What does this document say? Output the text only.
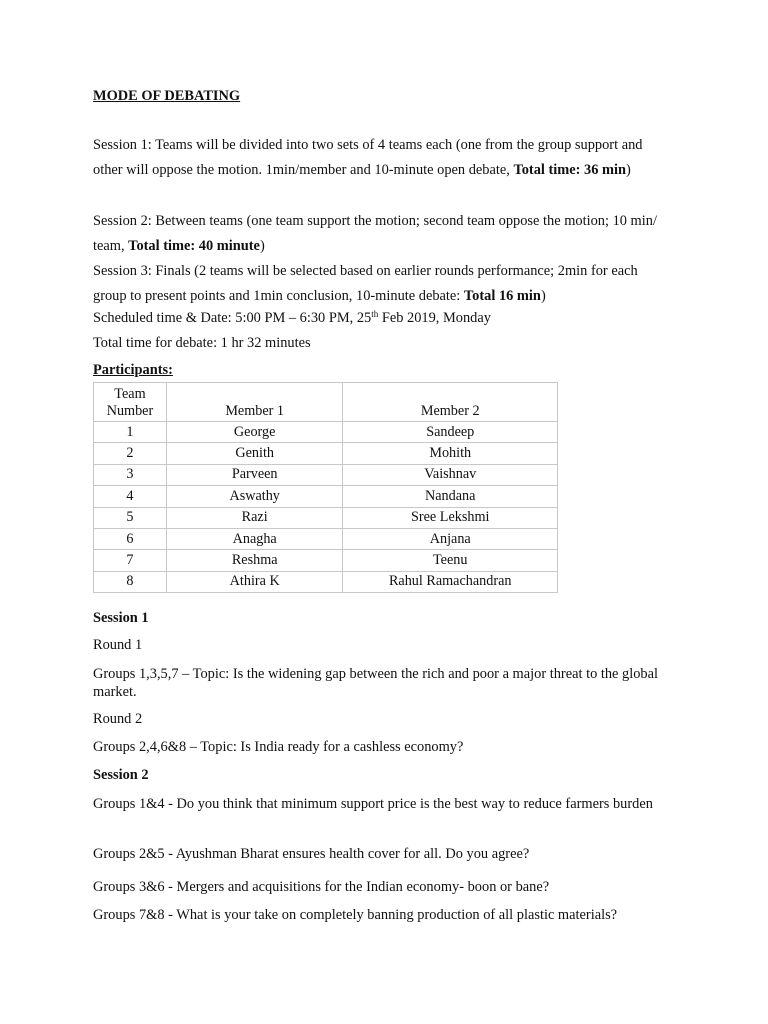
MODE OF DEBATING
Session 1: Teams will be divided into two sets of 4 teams each (one from the group support and other will oppose the motion. 1min/member and 10-minute open debate, Total time: 36 min)
Session 2: Between teams (one team support the motion; second team oppose the motion; 10 min/ team, Total time: 40 minute)
Session 3: Finals (2 teams will be selected based on earlier rounds performance; 2min for each group to present points and 1min conclusion, 10-minute debate: Total 16 min)
Scheduled time & Date: 5:00 PM – 6:30 PM, 25th Feb 2019, Monday
Total time for debate: 1 hr 32 minutes
Participants:
Team Number	Member 1	Member 2
1	George	Sandeep
2	Genith	Mohith
3	Parveen	Vaishnav
4	Aswathy	Nandana
5	Razi	Sree Lekshmi
6	Anagha	Anjana
7	Reshma	Teenu
8	Athira K	Rahul Ramachandran
Session 1
Round 1
Groups 1,3,5,7 – Topic: Is the widening gap between the rich and poor a major threat to the global market.
Round 2
Groups 2,4,6&8 – Topic: Is India ready for a cashless economy?
Session 2
Groups 1&4 - Do you think that minimum support price is the best way to reduce farmers burden
Groups 2&5 - Ayushman Bharat ensures health cover for all. Do you agree?
Groups 3&6 - Mergers and acquisitions for the Indian economy- boon or bane?
Groups 7&8 - What is your take on completely banning production of all plastic materials?
